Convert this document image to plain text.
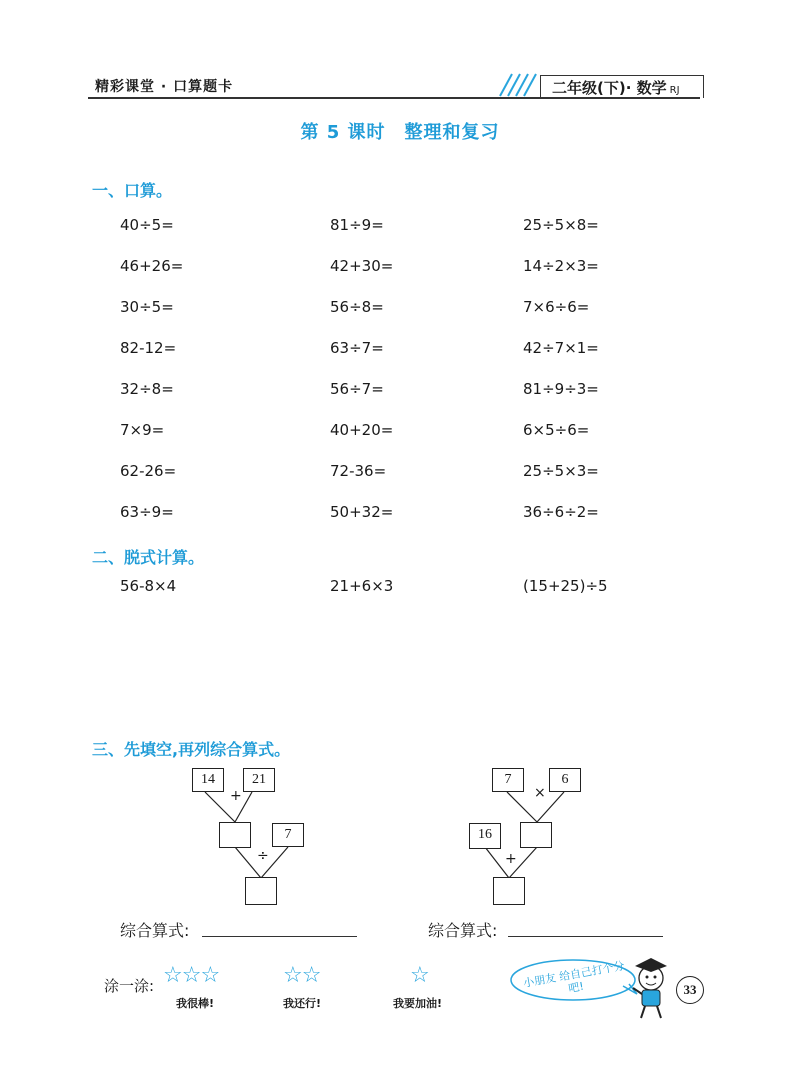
精彩课堂 · 口算题卡	二年级(下)· 数学 RJ
第 5 课时　整理和复习
一、口算。
40÷5=	81÷9=	25÷5×8=
46+26=	42+30=	14÷2×3=
30÷5=	56÷8=	7×6÷6=
82-12=	63÷7=	42÷7×1=
32÷8=	56÷7=	81÷9÷3=
7×9=	40+20=	6×5÷6=
62-26=	72-36=	25÷5×3=
63÷9=	50+32=	36÷6÷2=
二、脱式计算。
56-8×4	21+6×3	(15+25)÷5
三、先填空,再列综合算式。
14	21
+
7
÷
7	6
×
16
+
综合算式:	综合算式:
涂一涂: ☆☆☆
我很棒!
☆☆
我还行!
☆
我要加油!
小朋友 给自己打个分吧!	33
